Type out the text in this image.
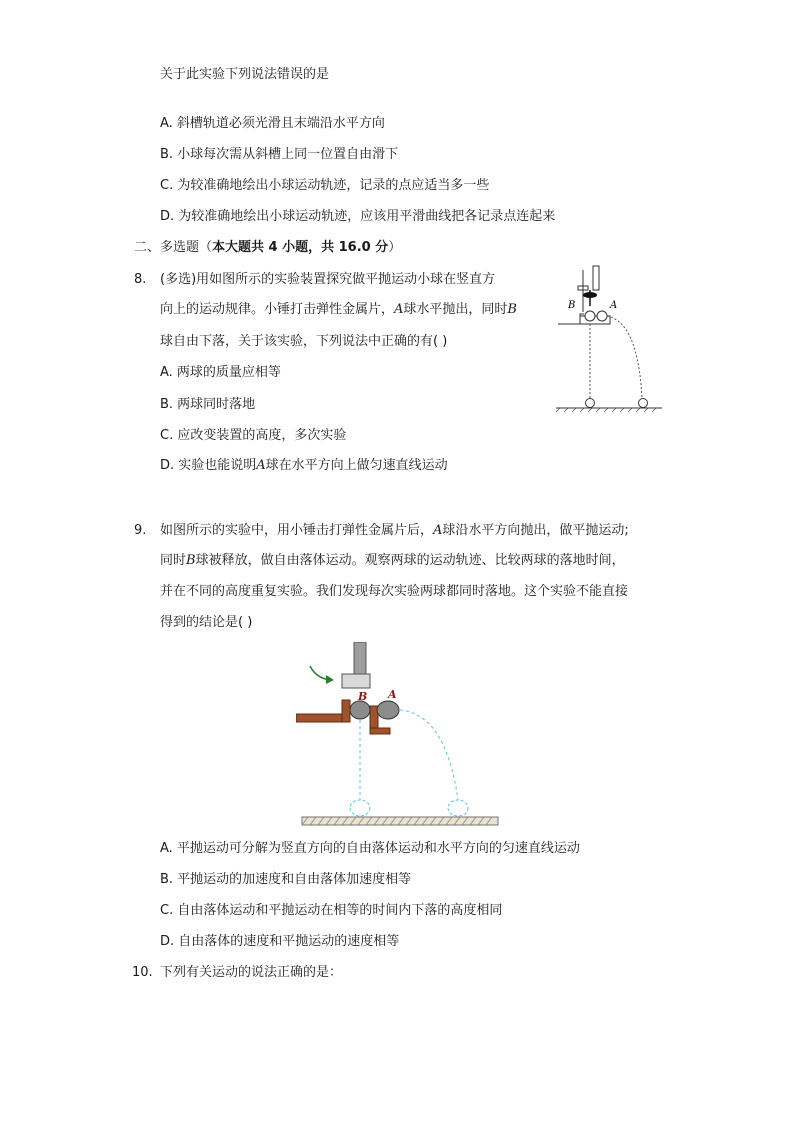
关于此实验下列说法错误的是
A. 斜槽轨道必须光滑且末端沿水平方向
B. 小球每次需从斜槽上同一位置自由滑下
C. 为较准确地绘出小球运动轨迹，记录的点应适当多一些
D. 为较准确地绘出小球运动轨迹，应该用平滑曲线把各记录点连起来
二、多选题（本大题共 4 小题，共 16.0 分）
8. (多选)用如图所示的实验装置探究做平抛运动小球在竖直方
向上的运动规律。小锤打击弹性金属片，A球水平抛出，同时B
球自由下落，关于该实验，下列说法中正确的有( )
A. 两球的质量应相等
B. 两球同时落地
C. 应改变装置的高度，多次实验
D. 实验也能说明A球在水平方向上做匀速直线运动
B	A
9. 如图所示的实验中，用小锤击打弹性金属片后，A球沿水平方向抛出，做平抛运动;
同时B球被释放，做自由落体运动。观察两球的运动轨迹、比较两球的落地时间，
并在不同的高度重复实验。我们发现每次实验两球都同时落地。这个实验不能直接
得到的结论是( )
B A
A. 平抛运动可分解为竖直方向的自由落体运动和水平方向的匀速直线运动
B. 平抛运动的加速度和自由落体加速度相等
C. 自由落体运动和平抛运动在相等的时间内下落的高度相同
D. 自由落体的速度和平抛运动的速度相等
10. 下列有关运动的说法正确的是：
